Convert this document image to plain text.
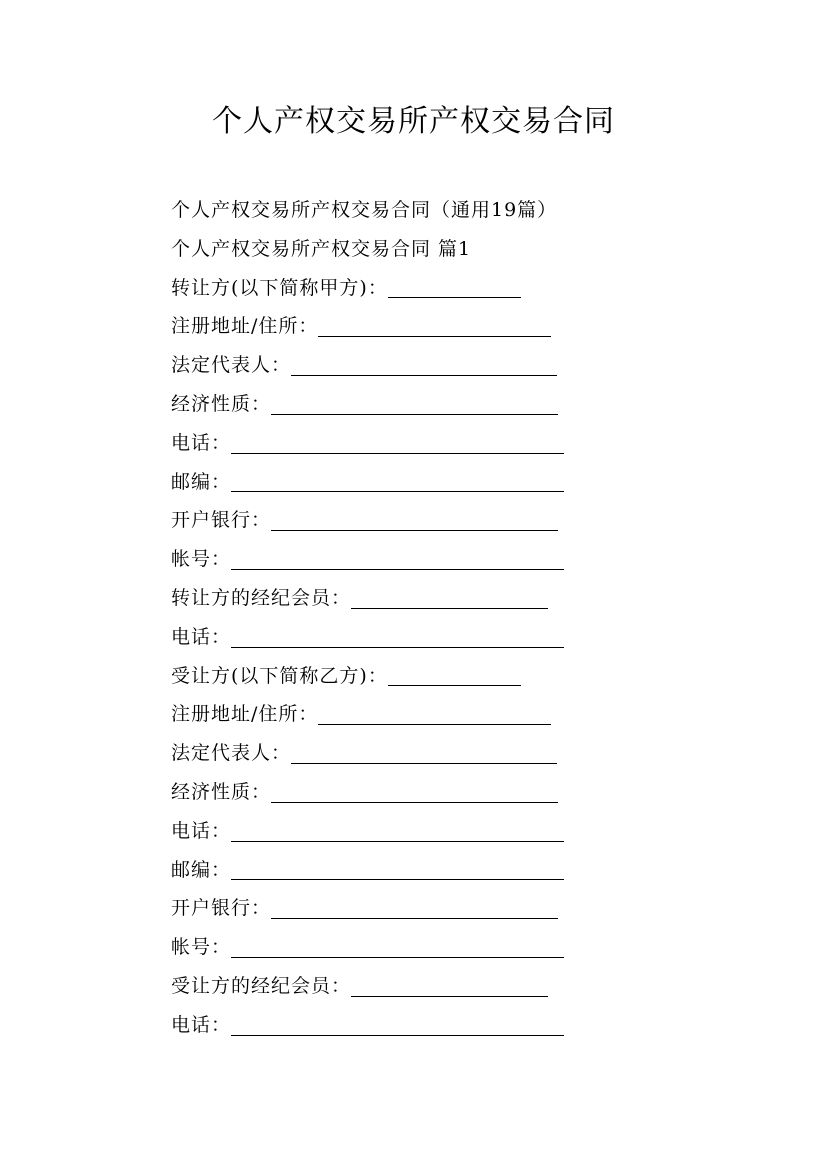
个人产权交易所产权交易合同
个人产权交易所产权交易合同（通用19篇）
个人产权交易所产权交易合同 篇1
转让方(以下简称甲方)：
注册地址/住所：
法定代表人：
经济性质：
电话：
邮编：
开户银行：
帐号：
转让方的经纪会员：
电话：
受让方(以下简称乙方)：
注册地址/住所：
法定代表人：
经济性质：
电话：
邮编：
开户银行：
帐号：
受让方的经纪会员：
电话：
